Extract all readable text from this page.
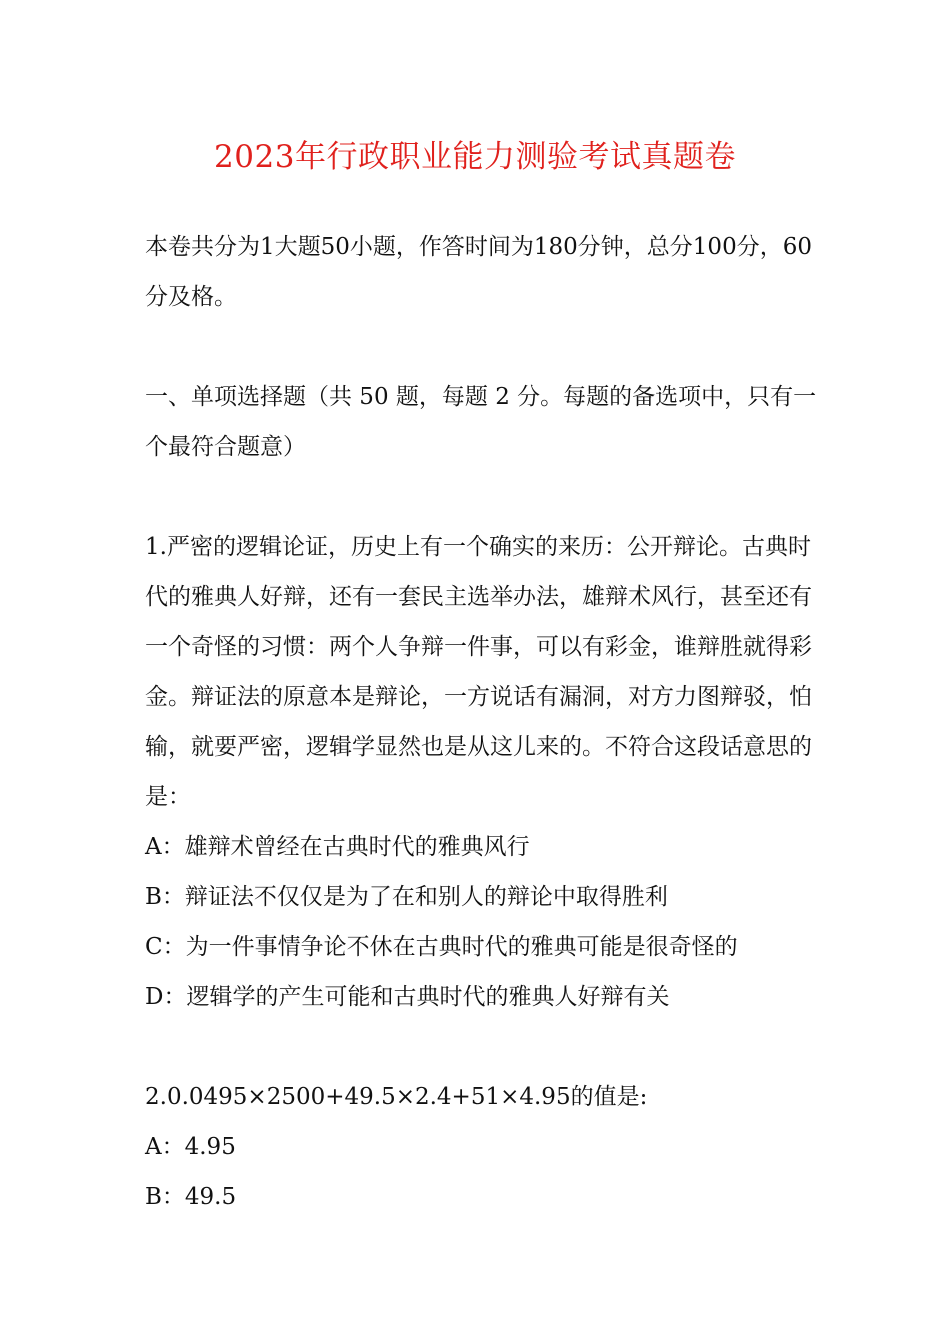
2023年行政职业能力测验考试真题卷

本卷共分为1大题50小题，作答时间为180分钟，总分100分，60分及格。

一、单项选择题（共 50 题，每题 2 分。每题的备选项中，只有一个最符合题意）

1.严密的逻辑论证，历史上有一个确实的来历：公开辩论。古典时代的雅典人好辩，还有一套民主选举办法，雄辩术风行，甚至还有一个奇怪的习惯：两个人争辩一件事，可以有彩金，谁辩胜就得彩金。辩证法的原意本是辩论，一方说话有漏洞，对方力图辩驳，怕输，就要严密，逻辑学显然也是从这儿来的。不符合这段话意思的是：

A：雄辩术曾经在古典时代的雅典风行

B：辩证法不仅仅是为了在和别人的辩论中取得胜利

C：为一件事情争论不休在古典时代的雅典可能是很奇怪的

D：逻辑学的产生可能和古典时代的雅典人好辩有关

2.0.0495×2500+49.5×2.4+51×4.95的值是:

A：4.95

B：49.5
